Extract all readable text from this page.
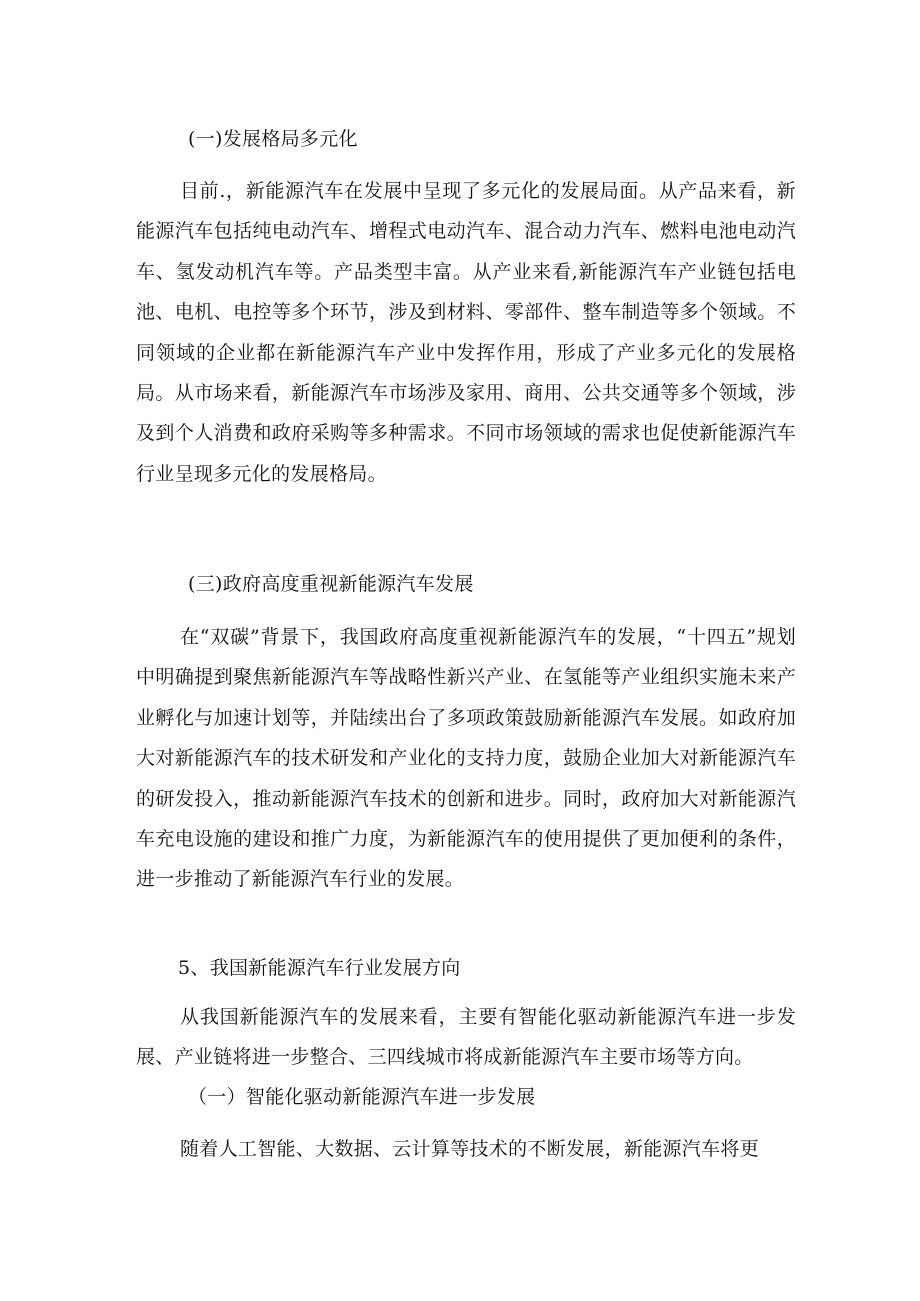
(一)发展格局多元化

目前.，新能源汽车在发展中呈现了多元化的发展局面。从产品来看，新能源汽车包括纯电动汽车、增程式电动汽车、混合动力汽车、燃料电池电动汽车、氢发动机汽车等。产品类型丰富。从产业来看,新能源汽车产业链包括电池、电机、电控等多个环节，涉及到材料、零部件、整车制造等多个领域。不同领域的企业都在新能源汽车产业中发挥作用，形成了产业多元化的发展格局。从市场来看，新能源汽车市场涉及家用、商用、公共交通等多个领域，涉及到个人消费和政府采购等多种需求。不同市场领域的需求也促使新能源汽车行业呈现多元化的发展格局。

(三)政府高度重视新能源汽车发展

在“双碳”背景下，我国政府高度重视新能源汽车的发展，“十四五”规划中明确提到聚焦新能源汽车等战略性新兴产业、在氢能等产业组织实施未来产业孵化与加速计划等，并陆续出台了多项政策鼓励新能源汽车发展。如政府加大对新能源汽车的技术研发和产业化的支持力度，鼓励企业加大对新能源汽车的研发投入，推动新能源汽车技术的创新和进步。同时，政府加大对新能源汽车充电设施的建设和推广力度，为新能源汽车的使用提供了更加便利的条件，进一步推动了新能源汽车行业的发展。

5、我国新能源汽车行业发展方向

从我国新能源汽车的发展来看，主要有智能化驱动新能源汽车进一步发展、产业链将进一步整合、三四线城市将成新能源汽车主要市场等方向。

（一）智能化驱动新能源汽车进一步发展

随着人工智能、大数据、云计算等技术的不断发展，新能源汽车将更
